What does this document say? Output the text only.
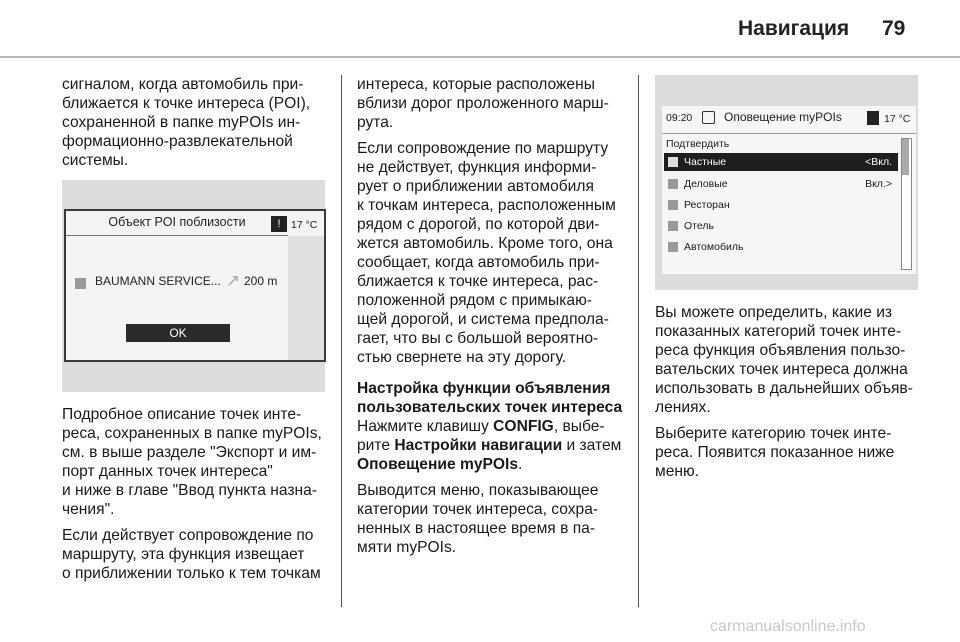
Навигация 79

сигналом, когда автомобиль при-
ближается к точке интереса (POI),
сохраненной в папке myPOIs ин-
формационно-развлекательной
системы.

Объект POI поблизости	! 17 °C
BAUMANN SERVICE... ↗ 200 m
OK

Подробное описание точек инте-
реса, сохраненных в папке myPOIs,
см. в выше разделе "Экспорт и им-
порт данных точек интереса"
и ниже в главе "Ввод пункта назна-
чения".

Если действует сопровождение по
маршруту, эта функция извещает
о приближении только к тем точкам

интереса, которые расположены
вблизи дорог проложенного марш-
рута.

Если сопровождение по маршруту
не действует, функция информи-
рует о приближении автомобиля
к точкам интереса, расположенным
рядом с дорогой, по которой дви-
жется автомобиль. Кроме того, она
сообщает, когда автомобиль при-
ближается к точке интереса, рас-
положенной рядом с примыкаю-
щей дорогой, и система предпола-
гает, что вы с большой вероятно-
стью свернете на эту дорогу.

Настройка функции объявления
пользовательских точек интереса

Нажмите клавишу CONFIG, выбе-
рите Настройки навигации и затем
Оповещение myPOIs.

Выводится меню, показывающее
категории точек интереса, сохра-
ненных в настоящее время в па-
мяти myPOIs.

09:20	Оповещение myPOIs	17 °C
Подтвердить
Частные	<Вкл.
Деловые	Вкл.>
Ресторан
Отель
Автомобиль

Вы можете определить, какие из
показанных категорий точек инте-
реса функция объявления пользо-
вательских точек интереса должна
использовать в дальнейших объяв-
лениях.

Выберите категорию точек инте-
реса. Появится показанное ниже
меню.

carmanualsonline.info
